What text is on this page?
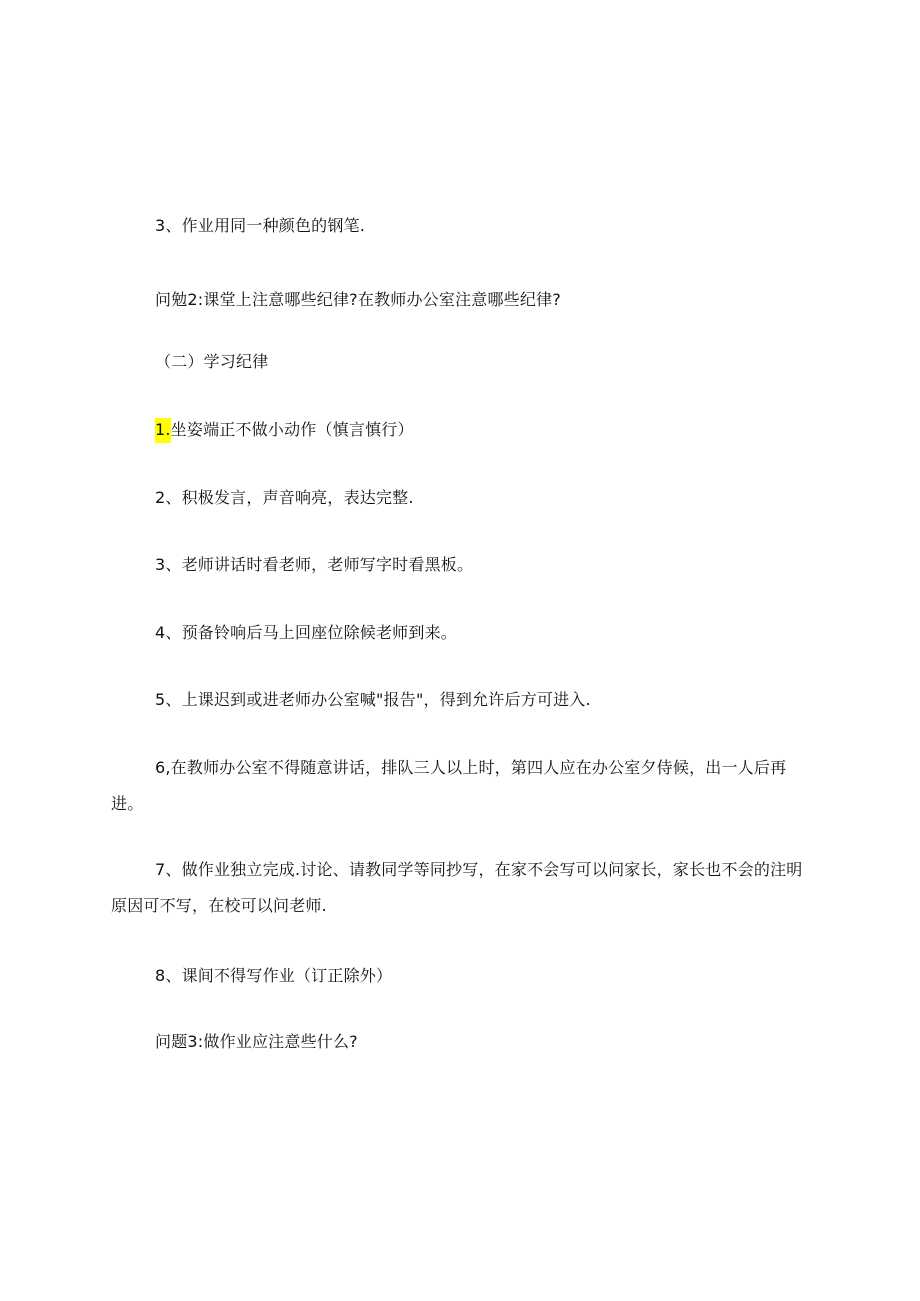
3、作业用同一种颜色的钢笔.
问勉2:课堂上注意哪些纪律?在教师办公室注意哪些纪律?
（二）学习纪律
1.坐姿端正不做小动作（慎言慎行）
2、积极发言，声音响亮，表达完整.
3、老师讲话时看老师，老师写字时看黑板。
4、预备铃响后马上回座位除候老师到来。
5、上课迟到或进老师办公室喊"报告"，得到允许后方可进入.
6,在教师办公室不得随意讲话，排队三人以上时，第四人应在办公室夕侍候，出一人后再进。
7、做作业独立完成.讨论、请教同学等同抄写，在家不会写可以问家长，家长也不会的注明原因可不写，在校可以问老师.
8、课间不得写作业（订正除外）
问题3:做作业应注意些什么?
